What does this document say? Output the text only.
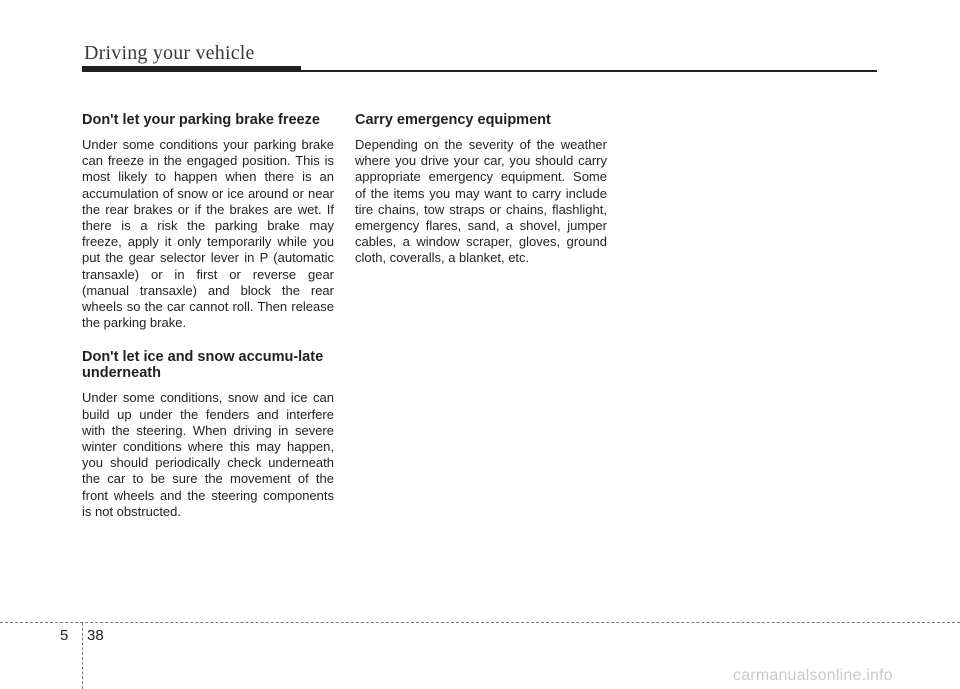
Driving your vehicle
Don't let your parking brake freeze

Under some conditions your parking brake can freeze in the engaged position. This is most likely to happen when there is an accumulation of snow or ice around or near the rear brakes or if the brakes are wet. If there is a risk the parking brake may freeze, apply it only temporarily while you put the gear selector lever in P (automatic transaxle) or in first or reverse gear (manual transaxle) and block the rear wheels so the car cannot roll. Then release the parking brake.

Don't let ice and snow accumu-late underneath

Under some conditions, snow and ice can build up under the fenders and interfere with the steering. When driving in severe winter conditions where this may happen, you should periodically check underneath the car to be sure the movement of the front wheels and the steering components is not obstructed.

Carry emergency equipment

Depending on the severity of the weather where you drive your car, you should carry appropriate emergency equipment. Some of the items you may want to carry include tire chains, tow straps or chains, flashlight, emergency flares, sand, a shovel, jumper cables, a window scraper, gloves, ground cloth, coveralls, a blanket, etc.

5 38
carmanualsonline.info
